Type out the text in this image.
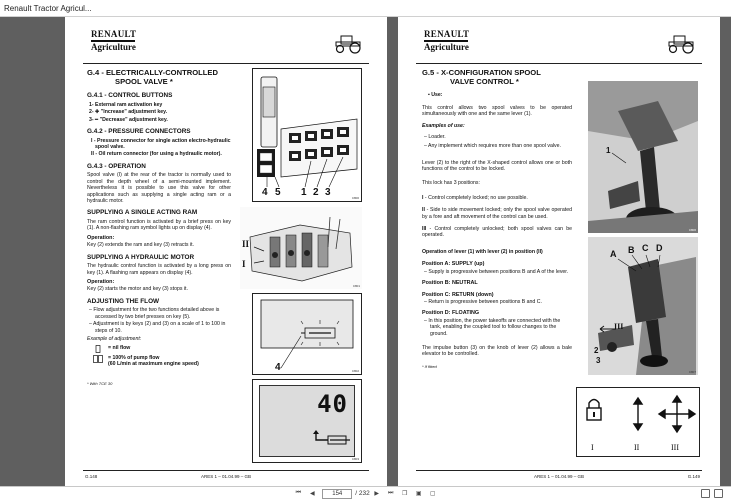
Renault Tractor Agricul...
RENAULT
Agriculture
G.4 - ELECTRICALLY-CONTROLLED
SPOOL VALVE *
G.4.1 - CONTROL BUTTONS
1- External ram activation key
2- ✚ "Increase" adjustment key.
3- ━ "Decrease" adjustment key.
G.4.2 - PRESSURE CONNECTORS
I - Pressure connector for single action electro-hydraulic spool valve.
II - Oil return connector (for using a hydraulic motor).
G.4.3 - OPERATION

Spool valve (I) at the rear of the tractor is normally used to control the depth wheel of a semi-mounted implement. Nevertheless it is possible to use this valve for other applications such as supplying a single acting ram or a hydraulic motor.

SUPPLYING A SINGLE ACTING RAM

The ram control function is activated by a brief press on key (1). A non-flashing ram symbol lights up on display (4).

Operation:

Key (2) extends the ram and key (3) retracts it.

SUPPLYING A HYDRAULIC MOTOR

The hydraulic control function is activated by a long press on key (1). A flashing ram appears on display (4).

Operation:

Key (2) starts the motor and key (3) stops it.

ADJUSTING THE FLOW
– Flow adjustment for the two functions detailed above is accessed by two brief presses on key (5).
– Adjustment is by keys (2) and (3) on a scale of 1 to 100 in steps of 10.
Example of adjustment:
= nil flow
= 100% of pump flow
(60 L/min at maximum engine speed)
* With TCE 30
4 5 1 2 3	C800
II
I
C801
4	C802
40
C803
G.148	ARES 1 – 01.04.99 – GB
RENAULT
Agriculture
G.5 - X-CONFIGURATION SPOOL
VALVE CONTROL *
▪ Use:

This control allows two spool valves to be operated simultaneously with one and the same lever (1).

Examples of use:
– Loader.
– Any implement which requires more than one spool valve.

Lever (2) to the right of the X-shaped control allows one or both functions of the control to be locked.

This lock has 3 positions:

I - Control completely locked; no use possible.

II - Side to side movement locked; only the spool valve operated by a fore and aft movement of the control can be used.

III - Control completely unlocked; both spool valves can be operated.

Operation of lever (1) with lever (2) in position (II)
Position A: SUPPLY (up)
– Supply is progressive between positions B and A of the lever.
Position B: NEUTRAL
Position C: RETURN (down)
– Return is progressive between positions B and C.
Position D: FLOATING
– In this position, the power takeoffs are connected with the tank, enabling the coupled tool to follow changes to the ground.

The impulse button (3) on the knob of lever (2) allows a bale elevator to be controlled.

* If fitted
1
C806
A B C D
III
2
3
C807
I	II	III
ARES 1 – 01.04.99 – GB	G.149
⏮	◀	154	/ 232 ▶	⏭	❐	▣	▢
